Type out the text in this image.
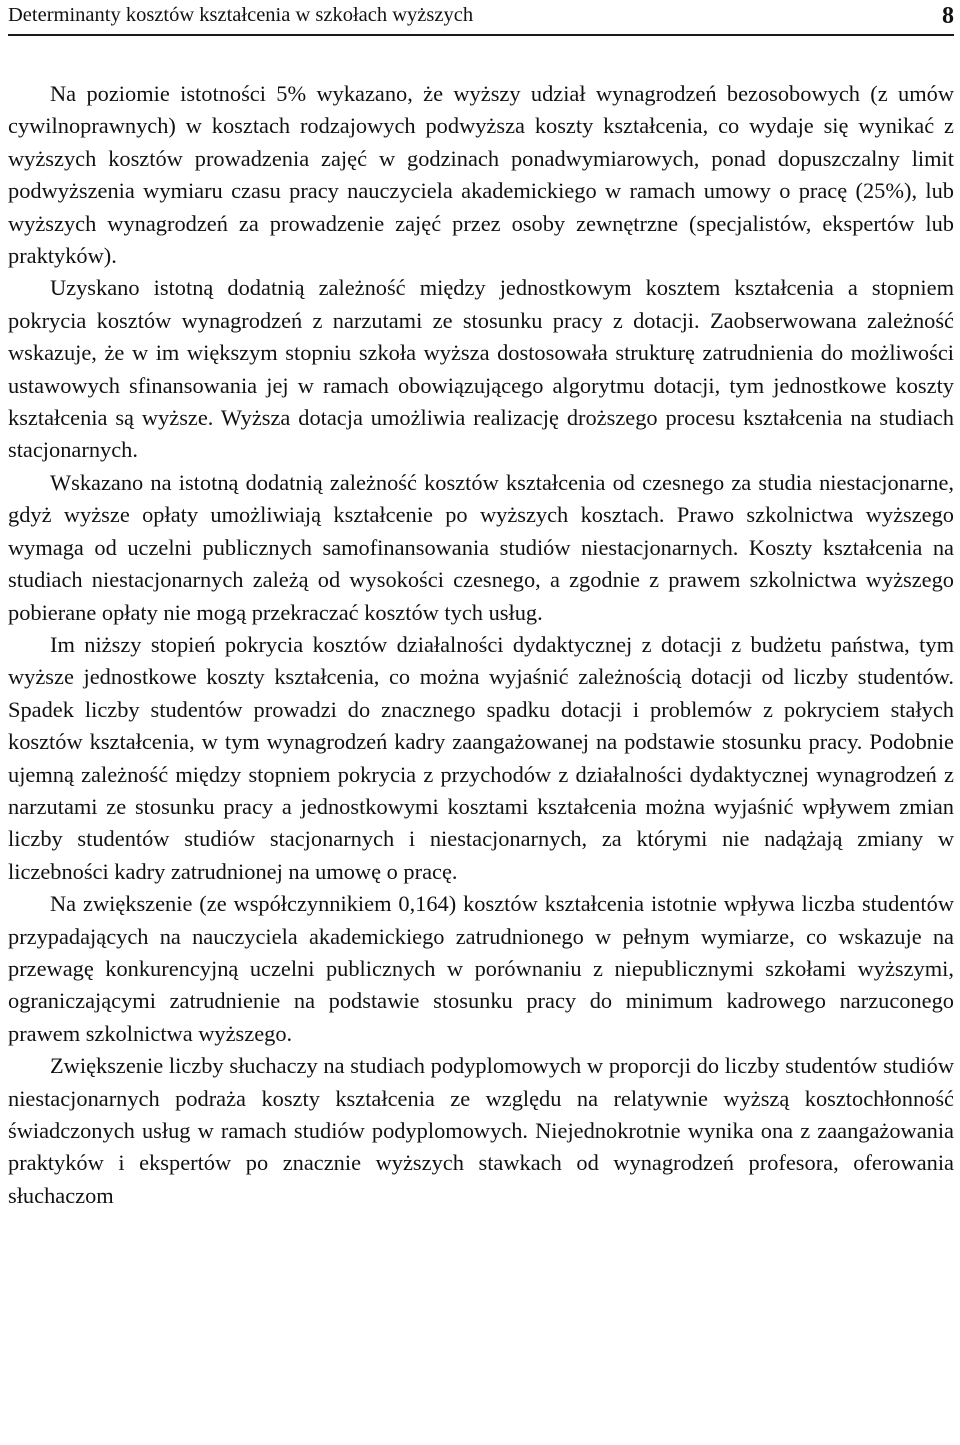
Determinanty kosztów kształcenia w szkołach wyższych	8

Na poziomie istotności 5% wykazano, że wyższy udział wynagrodzeń bezosobowych (z umów cywilnoprawnych) w kosztach rodzajowych podwyższa koszty kształcenia, co wydaje się wynikać z wyższych kosztów prowadzenia zajęć w godzinach ponadwymiarowych, ponad dopuszczalny limit podwyższenia wymiaru czasu pracy nauczyciela akademickiego w ramach umowy o pracę (25%), lub wyższych wynagrodzeń za prowadzenie zajęć przez osoby zewnętrzne (specjalistów, ekspertów lub praktyków).

Uzyskano istotną dodatnią zależność między jednostkowym kosztem kształcenia a stopniem pokrycia kosztów wynagrodzeń z narzutami ze stosunku pracy z dotacji. Zaobserwowana zależność wskazuje, że w im większym stopniu szkoła wyższa dostosowała strukturę zatrudnienia do możliwości ustawowych sfinansowania jej w ramach obowiązującego algorytmu dotacji, tym jednostkowe koszty kształcenia są wyższe. Wyższa dotacja umożliwia realizację droższego procesu kształcenia na studiach stacjonarnych.

Wskazano na istotną dodatnią zależność kosztów kształcenia od czesnego za studia niestacjonarne, gdyż wyższe opłaty umożliwiają kształcenie po wyższych kosztach. Prawo szkolnictwa wyższego wymaga od uczelni publicznych samofinansowania studiów niestacjonarnych. Koszty kształcenia na studiach niestacjonarnych zależą od wysokości czesnego, a zgodnie z prawem szkolnictwa wyższego pobierane opłaty nie mogą przekraczać kosztów tych usług.

Im niższy stopień pokrycia kosztów działalności dydaktycznej z dotacji z budżetu państwa, tym wyższe jednostkowe koszty kształcenia, co można wyjaśnić zależnością dotacji od liczby studentów. Spadek liczby studentów prowadzi do znacznego spadku dotacji i problemów z pokryciem stałych kosztów kształcenia, w tym wynagrodzeń kadry zaangażowanej na podstawie stosunku pracy. Podobnie ujemną zależność między stopniem pokrycia z przychodów z działalności dydaktycznej wynagrodzeń z narzutami ze stosunku pracy a jednostkowymi kosztami kształcenia można wyjaśnić wpływem zmian liczby studentów studiów stacjonarnych i niestacjonarnych, za którymi nie nadążają zmiany w liczebności kadry zatrudnionej na umowę o pracę.

Na zwiększenie (ze współczynnikiem 0,164) kosztów kształcenia istotnie wpływa liczba studentów przypadających na nauczyciela akademickiego zatrudnionego w pełnym wymiarze, co wskazuje na przewagę konkurencyjną uczelni publicznych w porównaniu z niepublicznymi szkołami wyższymi, ograniczającymi zatrudnienie na podstawie stosunku pracy do minimum kadrowego narzuconego prawem szkolnictwa wyższego.

Zwiększenie liczby słuchaczy na studiach podyplomowych w proporcji do liczby studentów studiów niestacjonarnych podraża koszty kształcenia ze względu na relatywnie wyższą kosztochłonność świadczonych usług w ramach studiów podyplomowych. Niejednokrotnie wynika ona z zaangażowania praktyków i ekspertów po znacznie wyższych stawkach od wynagrodzeń profesora, oferowania słuchaczom
